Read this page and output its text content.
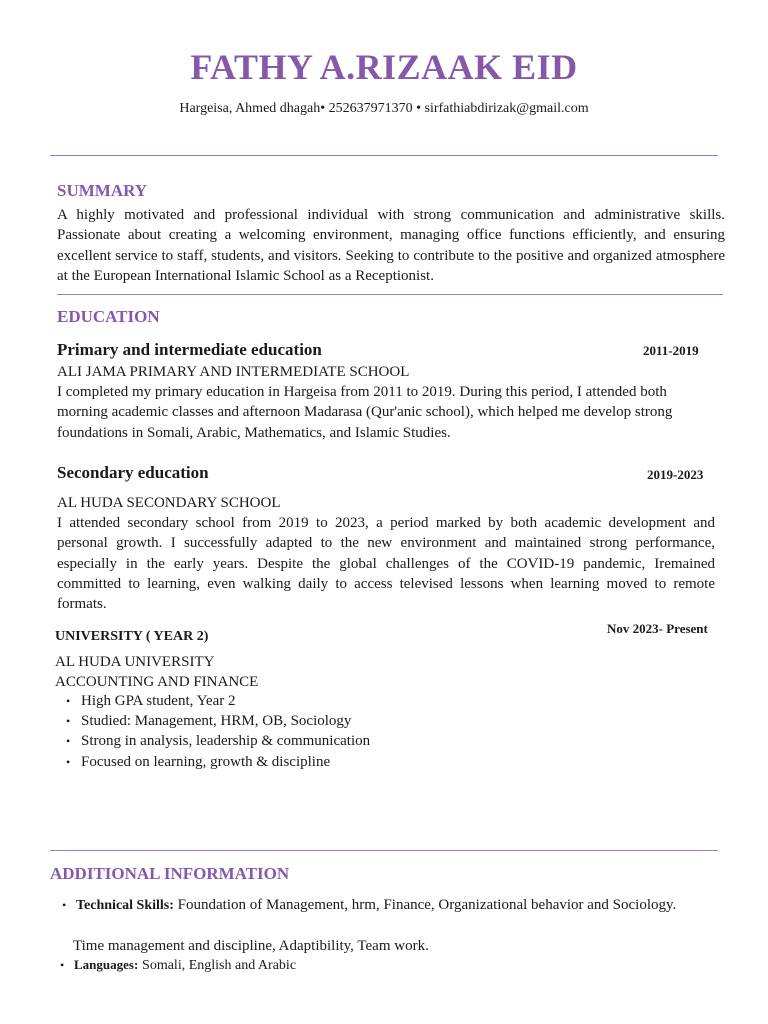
FATHY A.RIZAAK EID
Hargeisa, Ahmed dhagah• 252637971370 • sirfathiabdirizak@gmail.com
SUMMARY
A highly motivated and professional individual with strong communication and administrative skills. Passionate about creating a welcoming environment, managing office functions efficiently, and ensuring excellent service to staff, students, and visitors. Seeking to contribute to the positive and organized atmosphere at the European International Islamic School as a Receptionist.
EDUCATION
Primary and intermediate education	2011-2019
ALI JAMA PRIMARY AND INTERMEDIATE SCHOOL
I completed my primary education in Hargeisa from 2011 to 2019. During this period, I attended both morning academic classes and afternoon Madarasa (Qur'anic school), which helped me develop strong foundations in Somali, Arabic, Mathematics, and Islamic Studies.
Secondary education	2019-2023
AL HUDA SECONDARY SCHOOL
I attended secondary school from 2019 to 2023, a period marked by both academic development and personal growth. I successfully adapted to the new environment and maintained strong performance, especially in the early years. Despite the global challenges of the COVID-19 pandemic, Iremained committed to learning, even walking daily to access televised lessons when learning moved to remote formats.
Nov 2023- Present
UNIVERSITY ( YEAR 2)
AL HUDA UNIVERSITY
ACCOUNTING AND FINANCE
• High GPA student, Year 2
• Studied: Management, HRM, OB, Sociology
• Strong in analysis, leadership & communication
• Focused on learning, growth & discipline
ADDITIONAL INFORMATION
• Technical Skills: Foundation of Management, hrm, Finance, Organizational behavior and Sociology.
Time management and discipline, Adaptibility, Team work.
• Languages: Somali, English and Arabic
